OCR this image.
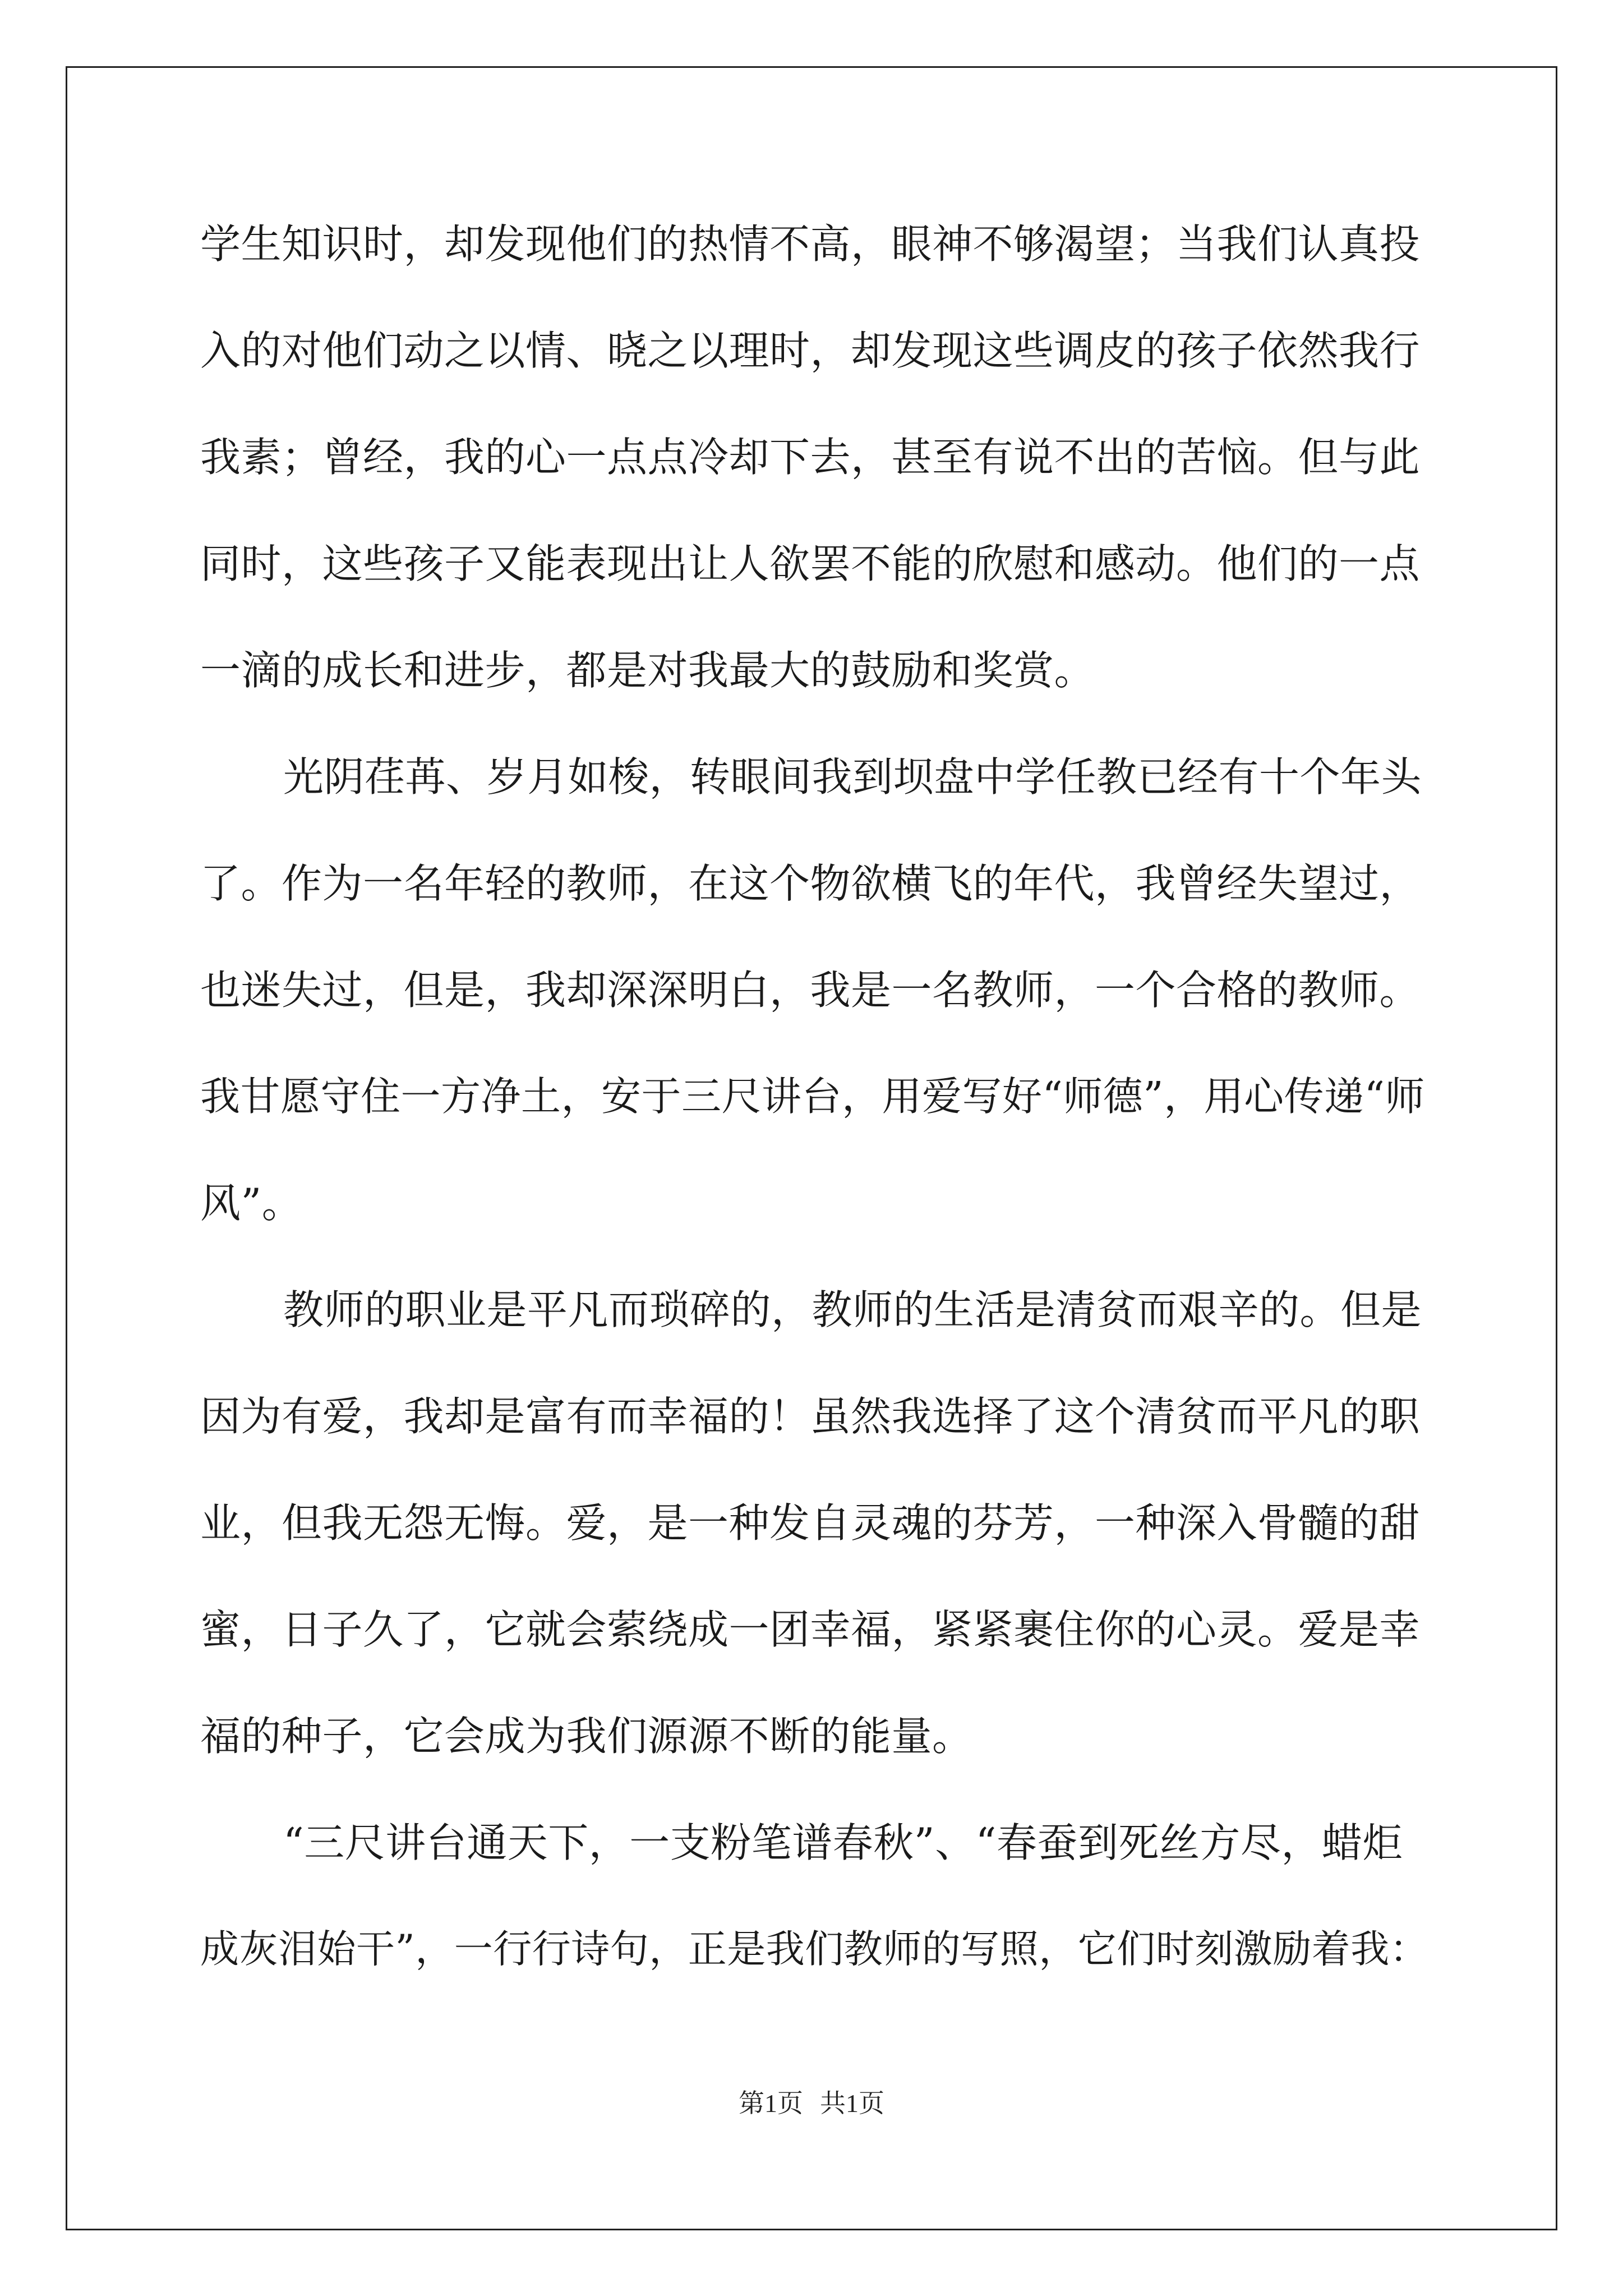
学生知识时，却发现他们的热情不高，眼神不够渴望；当我们认真投
入的对他们动之以情、晓之以理时，却发现这些调皮的孩子依然我行
我素；曾经，我的心一点点冷却下去，甚至有说不出的苦恼。但与此
同时，这些孩子又能表现出让人欲罢不能的欣慰和感动。他们的一点
一滴的成长和进步，都是对我最大的鼓励和奖赏。
光阴荏苒、岁月如梭，转眼间我到坝盘中学任教已经有十个年头
了。作为一名年轻的教师，在这个物欲横飞的年代，我曾经失望过，
也迷失过，但是，我却深深明白，我是一名教师，一个合格的教师。
我甘愿守住一方净土，安于三尺讲台，用爱写好“师德”，用心传递“师
风”。
教师的职业是平凡而琐碎的，教师的生活是清贫而艰辛的。但是
因为有爱，我却是富有而幸福的！虽然我选择了这个清贫而平凡的职
业，但我无怨无悔。爱，是一种发自灵魂的芬芳，一种深入骨髓的甜
蜜，日子久了，它就会萦绕成一团幸福，紧紧裹住你的心灵。爱是幸
福的种子，它会成为我们源源不断的能量。
“三尺讲台通天下，一支粉笔谱春秋”、“春蚕到死丝方尽，蜡炬
成灰泪始干”，一行行诗句，正是我们教师的写照，它们时刻激励着我：
第1页 共1页
